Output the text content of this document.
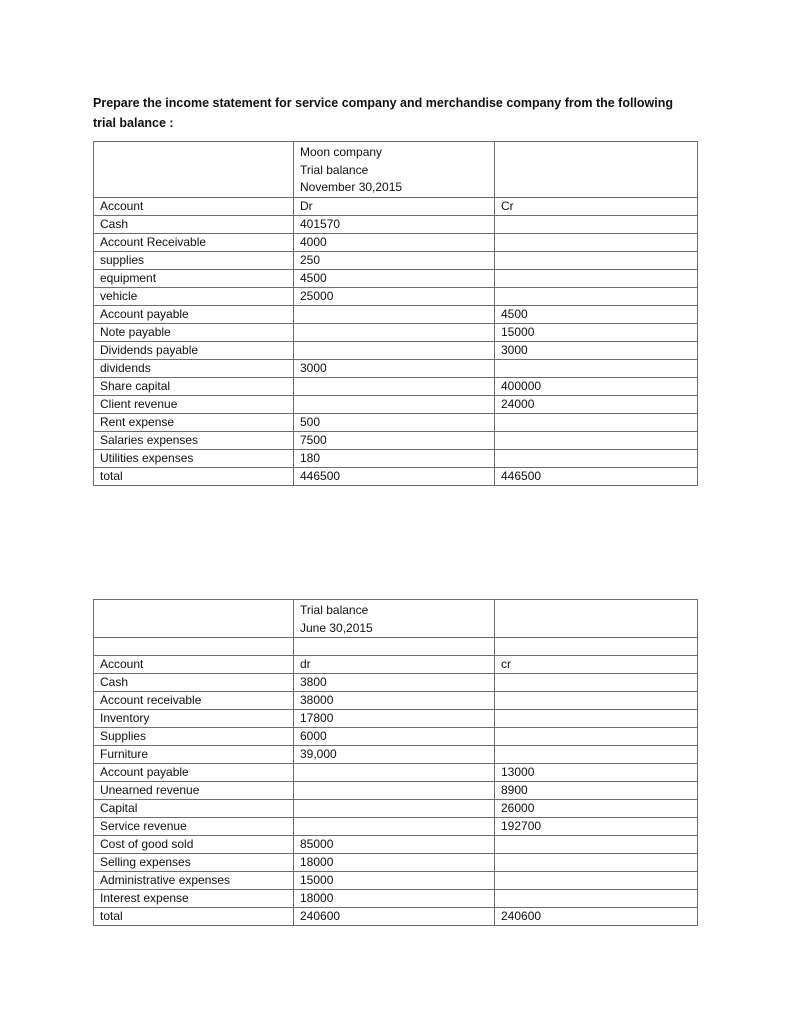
Prepare the income statement for service company and merchandise company from the following trial balance :

	Moon company
Trial balance
November 30,2015	

Account	Dr	Cr
Cash	401570	
Account Receivable	4000	
supplies	250	
equipment	4500	
vehicle	25000	
Account payable		4500
Note payable		15000
Dividends payable		3000
dividends	3000	
Share capital		400000
Client revenue		24000
Rent expense	500	
Salaries expenses	7500	
Utilities expenses	180	
total	446500	446500

	Trial balance
June 30,2015	

Account	dr	cr
Cash	3800	
Account receivable	38000	
Inventory	17800	
Supplies	6000	
Furniture	39,000	
Account payable		13000
Unearned revenue		8900
Capital		26000
Service revenue		192700
Cost of good sold	85000	
Selling expenses	18000	
Administrative expenses	15000	
Interest expense	18000	
total	240600	240600
